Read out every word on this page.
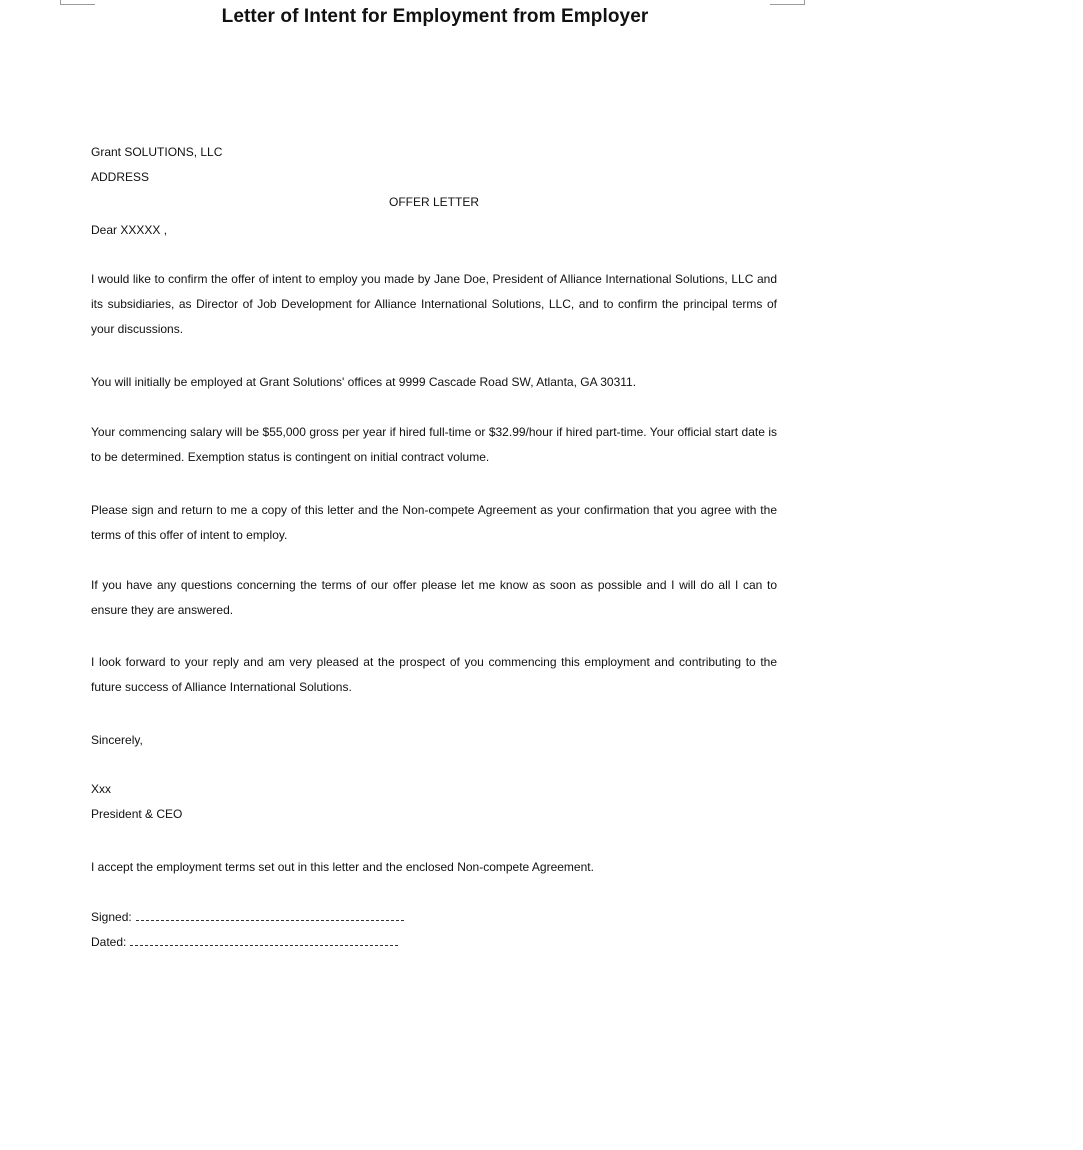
Letter of Intent for Employment from Employer
Grant SOLUTIONS, LLC
ADDRESS
OFFER LETTER
Dear XXXXX ,
I would like to confirm the offer of intent to employ you made by Jane Doe, President of Alliance International Solutions, LLC and its subsidiaries, as Director of Job Development for Alliance International Solutions, LLC, and to confirm the principal terms of your discussions.
You will initially be employed at Grant Solutions' offices at 9999 Cascade Road SW, Atlanta, GA 30311.
Your commencing salary will be $55,000 gross per year if hired full-time or $32.99/hour if hired part-time. Your official start date is to be determined. Exemption status is contingent on initial contract volume.
Please sign and return to me a copy of this letter and the Non-compete Agreement as your confirmation that you agree with the terms of this offer of intent to employ.
If you have any questions concerning the terms of our offer please let me know as soon as possible and I will do all I can to ensure they are answered.
I look forward to your reply and am very pleased at the prospect of you commencing this employment and contributing to the future success of Alliance International Solutions.
Sincerely,
Xxx
President & CEO
I accept the employment terms set out in this letter and the enclosed Non-compete Agreement.
Signed:
Dated:
